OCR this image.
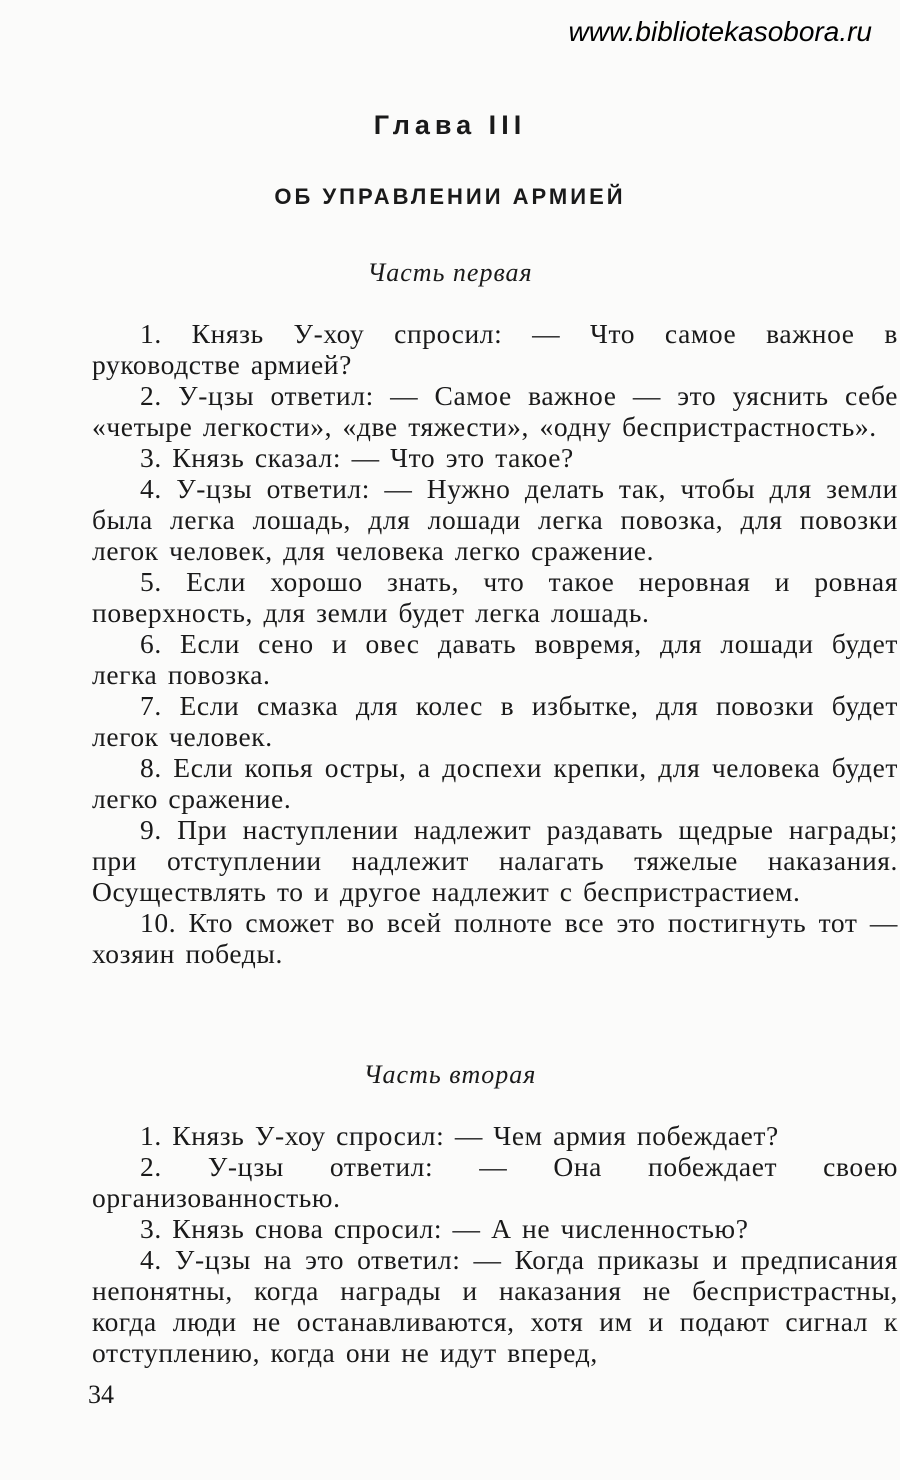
www.bibliotekasobora.ru
Глава III
ОБ УПРАВЛЕНИИ АРМИЕЙ
Часть первая

1. Князь У-хоу спросил: — Что самое важное в руководстве армией?

2. У-цзы ответил: — Самое важное — это уяснить себе «четыре легкости», «две тяжести», «одну беспристрастность».

3. Князь сказал: — Что это такое?

4. У-цзы ответил: — Нужно делать так, чтобы для земли была легка лошадь, для лошади легка повозка, для повозки легок человек, для человека легко сражение.

5. Если хорошо знать, что такое неровная и ровная поверхность, для земли будет легка лошадь.

6. Если сено и овес давать вовремя, для лошади будет легка повозка.

7. Если смазка для колес в избытке, для повозки будет легок человек.

8. Если копья остры, а доспехи крепки, для человека будет легко сражение.

9. При наступлении надлежит раздавать щедрые награды; при отступлении надлежит налагать тяжелые наказания. Осуществлять то и другое надлежит с беспристрастием.

10. Кто сможет во всей полноте все это постигнуть тот — хозяин победы.

Часть вторая

1. Князь У-хоу спросил: — Чем армия побеждает?

2. У-цзы ответил: — Она побеждает своею организованностью.

3. Князь снова спросил: — А не численностью?

4. У-цзы на это ответил: — Когда приказы и предписания непонятны, когда награды и наказания не беспристрастны, когда люди не останавливаются, хотя им и подают сигнал к отступлению, когда они не идут вперед,

34
